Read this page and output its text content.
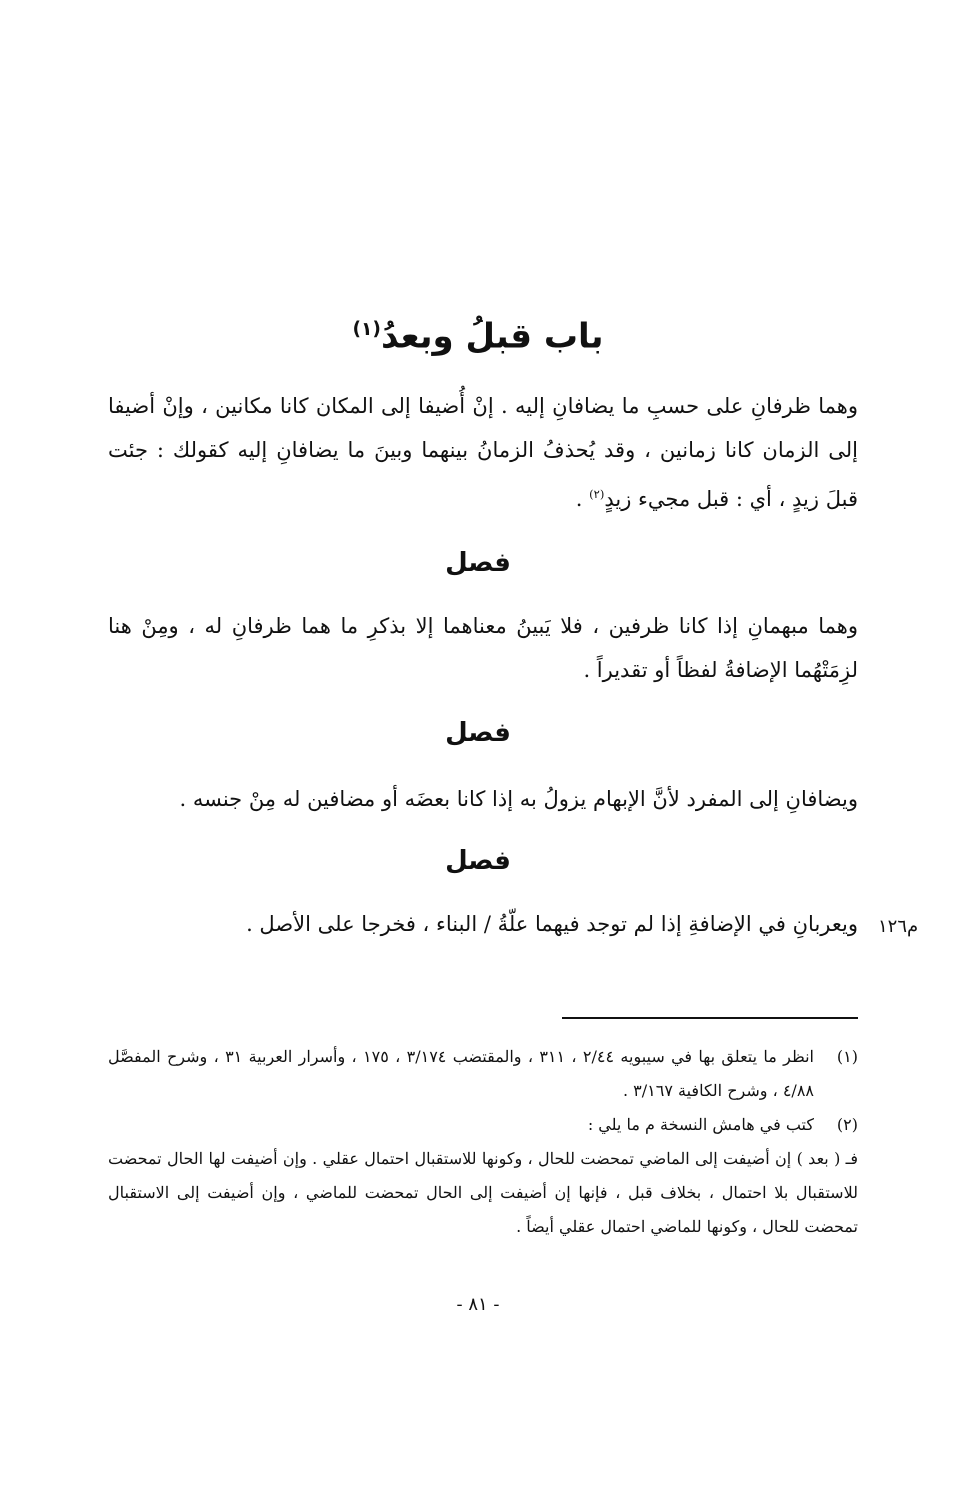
باب قبلُ وبعدُ$^{(١)}$
وهما ظرفانِ على حسبِ ما يضافانِ إليه . إنْ أُضيفا إلى المكان كانا مكانين ، وإنْ أضيفا إلى الزمان كانا زمانين ، وقد يُحذفُ الزمانُ بينهما وبينَ ما يضافانِ إليه كقولك : جئت قبلَ زيدٍ ، أي : قبل مجيء زيدٍ$^{(٢)}$ .
فصل
وهما مبهمانِ إذا كانا ظرفين ، فلا يَبينُ معناهما إلا بذكرِ ما هما ظرفانِ له ، ومِنْ هنا لزِمَتْهُما الإضافةُ لفظاً أو تقديراً .
فصل
ويضافانِ إلى المفرد لأنَّ الإبهام يزولُ به إذا كانا بعضَه أو مضافين له مِنْ جنسه .
فصل
ويعربانِ في الإضافةِ إذا لم توجد فيهما علّةُ / البناء ، فخرجا على الأصل . م١٢٦
(١)
انظر ما يتعلق بها في سيبويه ٢/٤٤ ، ٣١١ ، والمقتضب ٣/١٧٤ ، ١٧٥ ، وأسرار العربية ٣١ ، وشرح المفصَّل ٤/٨٨ ، وشرح الكافية ٣/١٦٧ .
(٢)
كتب في هامش النسخة م ما يلي :
فـ ( بعد ) إن أضيفت إلى الماضي تمحضت للحال ، وكونها للاستقبال احتمال عقلي . وإن أضيفت لها الحال تمحضت للاستقبال بلا احتمال ، بخلاف قبل ، فإنها إن أضيفت إلى الحال تمحضت للماضي ، وإن أضيفت إلى الاستقبال تمحضت للحال ، وكونها للماضي احتمال عقلي أيضاً .
- ٨١ -
